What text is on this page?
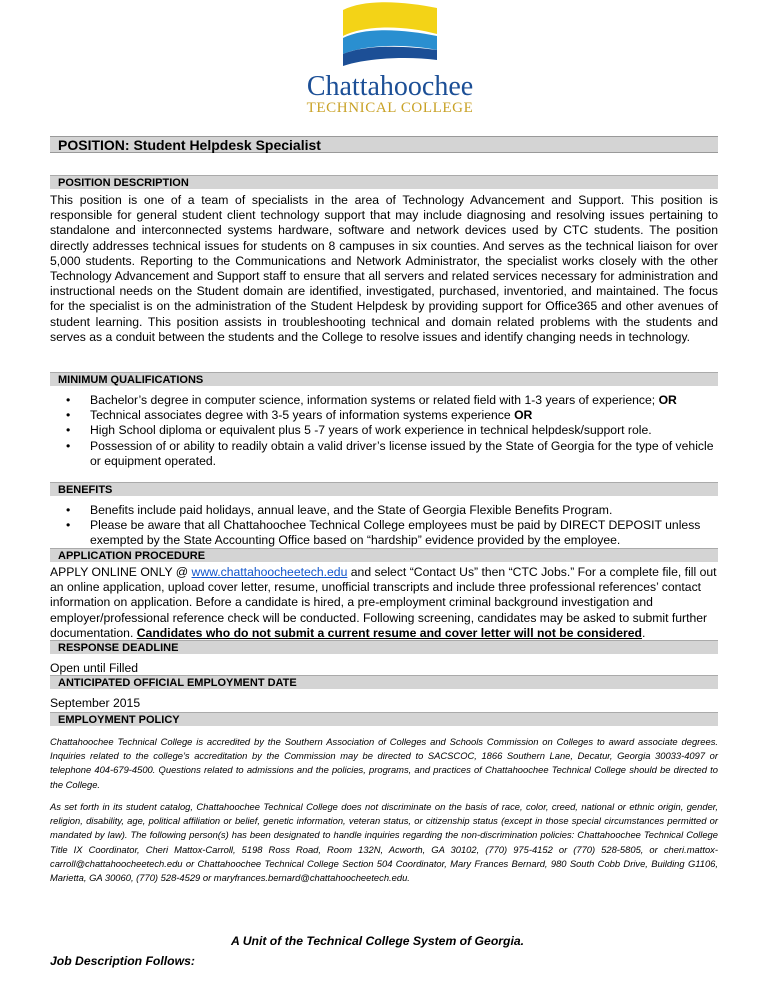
Chattahoochee
TECHNICAL COLLEGE
POSITION: Student Helpdesk Specialist
POSITION DESCRIPTION
This position is one of a team of specialists in the area of Technology Advancement and Support. This position is responsible for general student client technology support that may include diagnosing and resolving issues pertaining to standalone and interconnected systems hardware, software and network devices used by CTC students. The position directly addresses technical issues for students on 8 campuses in six counties. And serves as the technical liaison for over 5,000 students. Reporting to the Communications and Network Administrator, the specialist works closely with the other Technology Advancement and Support staff to ensure that all servers and related services necessary for administration and instructional needs on the Student domain are identified, investigated, purchased, inventoried, and maintained. The focus for the specialist is on the administration of the Student Helpdesk by providing support for Office365 and other avenues of student learning. This position assists in troubleshooting technical and domain related problems with the students and serves as a conduit between the students and the College to resolve issues and identify changing needs in technology.
MINIMUM QUALIFICATIONS
• Bachelor’s degree in computer science, information systems or related field with 1-3 years of experience; OR
• Technical associates degree with 3-5 years of information systems experience OR
• High School diploma or equivalent plus 5 -7 years of work experience in technical helpdesk/support role.
• Possession of or ability to readily obtain a valid driver’s license issued by the State of Georgia for the type of vehicle or equipment operated.
BENEFITS
• Benefits include paid holidays, annual leave, and the State of Georgia Flexible Benefits Program.
• Please be aware that all Chattahoochee Technical College employees must be paid by DIRECT DEPOSIT unless exempted by the State Accounting Office based on “hardship” evidence provided by the employee.
APPLICATION PROCEDURE
APPLY ONLINE ONLY @ www.chattahoocheetech.edu and select “Contact Us” then “CTC Jobs.” For a complete file, fill out an online application, upload cover letter, resume, unofficial transcripts and include three professional references’ contact information on application. Before a candidate is hired, a pre-employment criminal background investigation and employer/professional reference check will be conducted. Following screening, candidates may be asked to submit further documentation. Candidates who do not submit a current resume and cover letter will not be considered.
RESPONSE DEADLINE
Open until Filled
ANTICIPATED OFFICIAL EMPLOYMENT DATE
September 2015
EMPLOYMENT POLICY
Chattahoochee Technical College is accredited by the Southern Association of Colleges and Schools Commission on Colleges to award associate degrees. Inquiries related to the college’s accreditation by the Commission may be directed to SACSCOC, 1866 Southern Lane, Decatur, Georgia 30033-4097 or telephone 404-679-4500. Questions related to admissions and the policies, programs, and practices of Chattahoochee Technical College should be directed to the College.
As set forth in its student catalog, Chattahoochee Technical College does not discriminate on the basis of race, color, creed, national or ethnic origin, gender, religion, disability, age, political affiliation or belief, genetic information, veteran status, or citizenship status (except in those special circumstances permitted or mandated by law). The following person(s) has been designated to handle inquiries regarding the non-discrimination policies: Chattahoochee Technical College Title IX Coordinator, Cheri Mattox-Carroll, 5198 Ross Road, Room 132N, Acworth, GA 30102, (770) 975-4152 or (770) 528-5805, or cheri.mattox-carroll@chattahoocheetech.edu or Chattahoochee Technical College Section 504 Coordinator, Mary Frances Bernard, 980 South Cobb Drive, Building G1106, Marietta, GA 30060, (770) 528-4529 or maryfrances.bernard@chattahoocheetech.edu.
A Unit of the Technical College System of Georgia.
Job Description Follows:
